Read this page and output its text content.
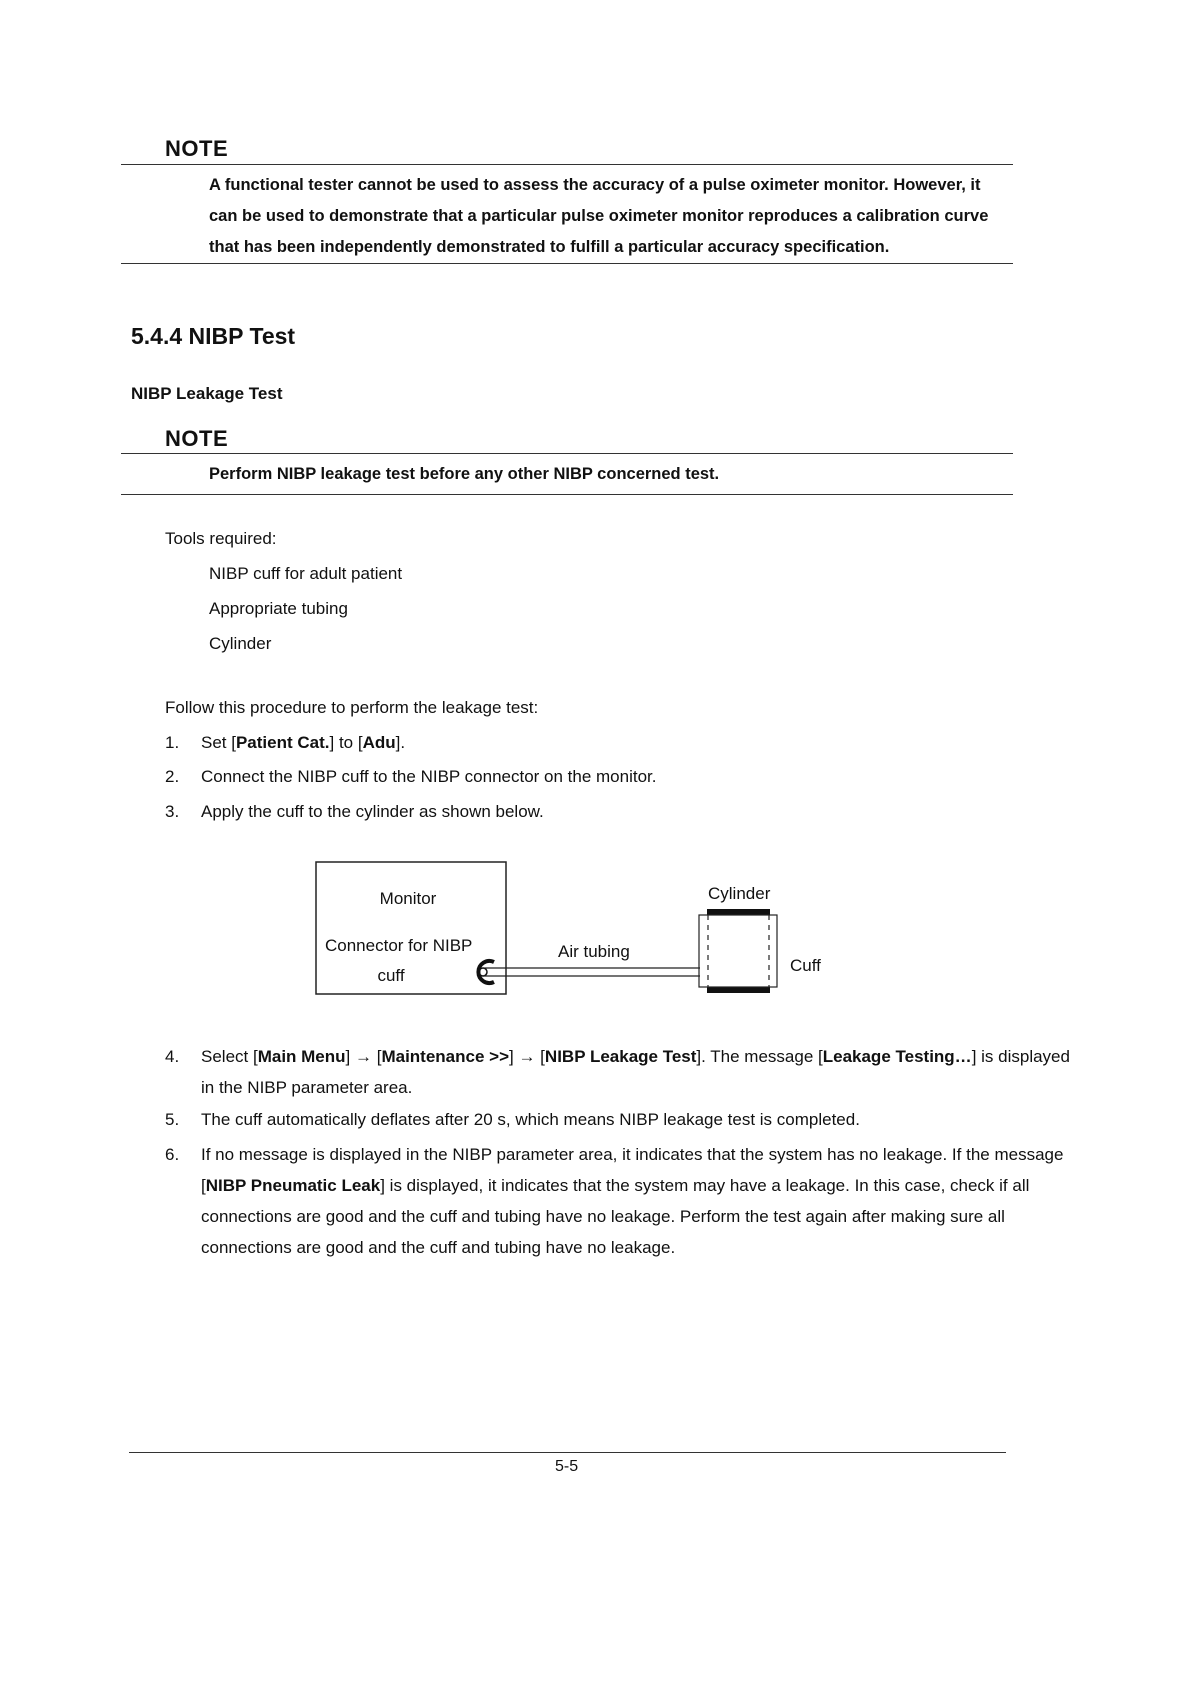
NOTE
A functional tester cannot be used to assess the accuracy of a pulse oximeter monitor. However, it can be used to demonstrate that a particular pulse oximeter monitor reproduces a calibration curve that has been independently demonstrated to fulfill a particular accuracy specification.
5.4.4 NIBP Test
NIBP Leakage Test
NOTE
Perform NIBP leakage test before any other NIBP concerned test.
Tools required:
NIBP cuff for adult patient
Appropriate tubing
Cylinder
Follow this procedure to perform the leakage test:
1.	Set [Patient Cat.] to [Adu].
2.	Connect the NIBP cuff to the NIBP connector on the monitor.
3.	Apply the cuff to the cylinder as shown below.
Monitor
Connector for NIBP
cuff
Air tubing
Cylinder
Cuff
4.	Select [Main Menu] → [Maintenance >>] → [NIBP Leakage Test]. The message [Leakage Testing…] is displayed in the NIBP parameter area.
5.	The cuff automatically deflates after 20 s, which means NIBP leakage test is completed.
6.	If no message is displayed in the NIBP parameter area, it indicates that the system has no leakage. If the message [NIBP Pneumatic Leak] is displayed, it indicates that the system may have a leakage. In this case, check if all connections are good and the cuff and tubing have no leakage. Perform the test again after making sure all connections are good and the cuff and tubing have no leakage.
5-5
